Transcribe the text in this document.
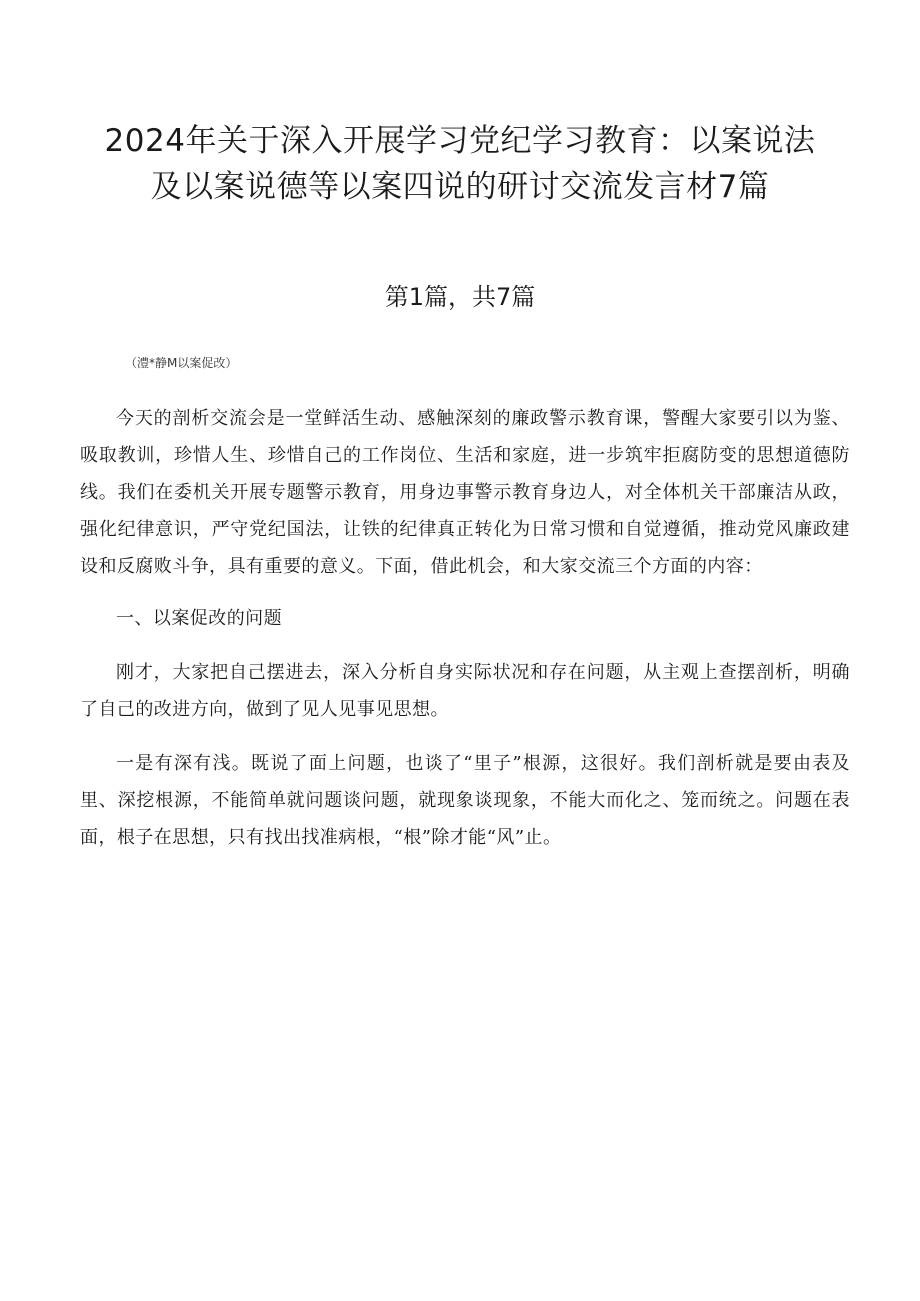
2024年关于深入开展学习党纪学习教育：以案说法
及以案说德等以案四说的研讨交流发言材7篇

第1篇，共7篇

（澧*静M以案促改）

今天的剖析交流会是一堂鲜活生动、感触深刻的廉政警示教育课，警醒大家要引以为鉴、吸取教训，珍惜人生、珍惜自己的工作岗位、生活和家庭，进一步筑牢拒腐防变的思想道德防线。我们在委机关开展专题警示教育，用身边事警示教育身边人，对全体机关干部廉洁从政，强化纪律意识，严守党纪国法，让铁的纪律真正转化为日常习惯和自觉遵循，推动党风廉政建设和反腐败斗争，具有重要的意义。下面，借此机会，和大家交流三个方面的内容：

一、以案促改的问题

刚才，大家把自己摆进去，深入分析自身实际状况和存在问题，从主观上查摆剖析，明确了自己的改进方向，做到了见人见事见思想。

一是有深有浅。既说了面上问题，也谈了“里子”根源，这很好。我们剖析就是要由表及里、深挖根源，不能简单就问题谈问题，就现象谈现象，不能大而化之、笼而统之。问题在表面，根子在思想，只有找出找准病根，“根”除才能“风”止。
